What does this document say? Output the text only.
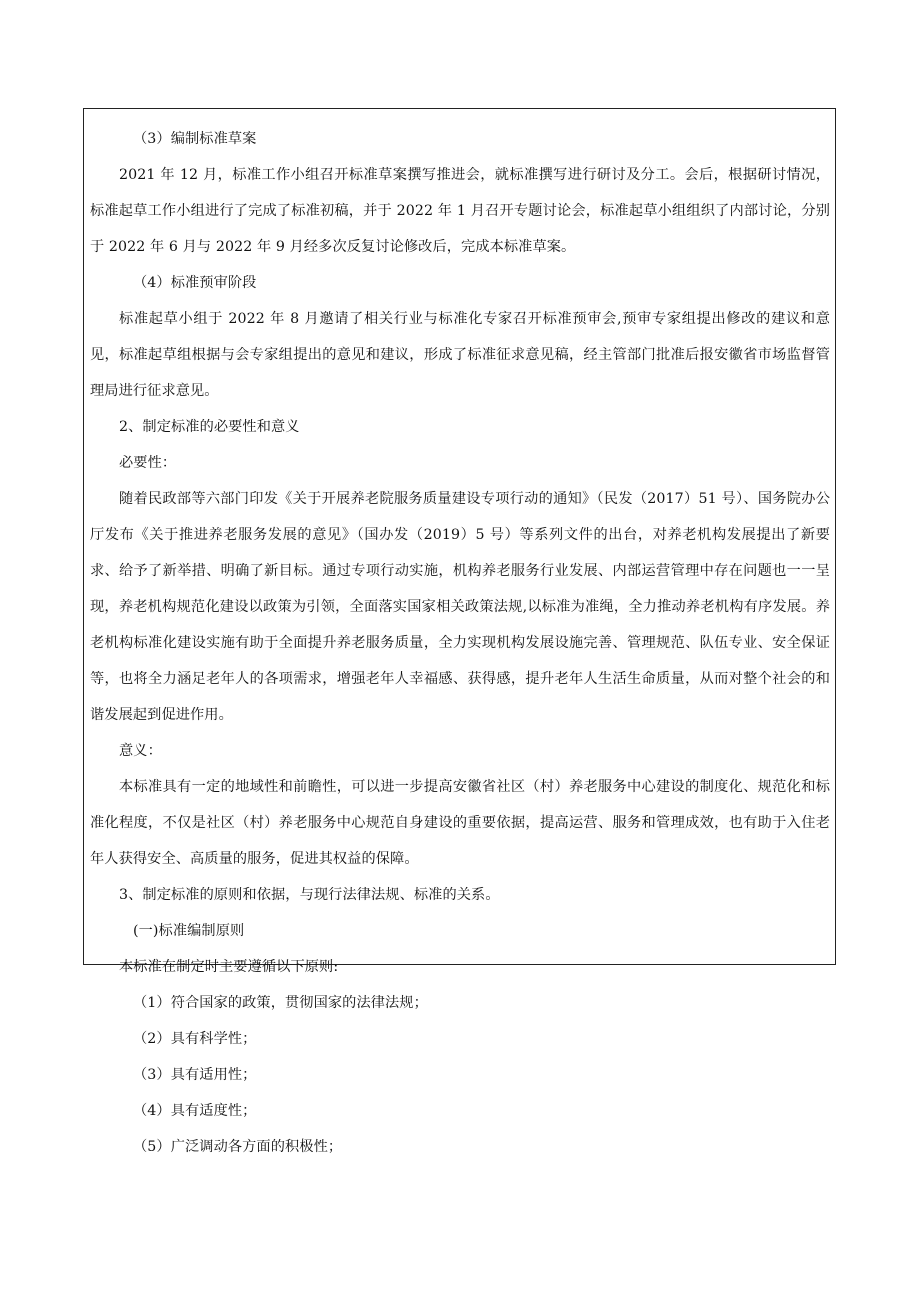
（3）编制标准草案

2021 年 12 月，标准工作小组召开标准草案撰写推进会，就标准撰写进行研讨及分工。会后，根据研讨情况，标准起草工作小组进行了完成了标准初稿，并于 2022 年 1 月召开专题讨论会，标准起草小组组织了内部讨论，分别于 2022 年 6 月与 2022 年 9 月经多次反复讨论修改后，完成本标准草案。

（4）标准预审阶段

标准起草小组于 2022 年 8 月邀请了相关行业与标准化专家召开标准预审会,预审专家组提出修改的建议和意见，标准起草组根据与会专家组提出的意见和建议，形成了标准征求意见稿，经主管部门批准后报安徽省市场监督管理局进行征求意见。

2、制定标准的必要性和意义

必要性：

随着民政部等六部门印发《关于开展养老院服务质量建设专项行动的通知》（民发（2017）51 号）、国务院办公厅发布《关于推进养老服务发展的意见》（国办发（2019）5 号）等系列文件的出台，对养老机构发展提出了新要求、给予了新举措、明确了新目标。通过专项行动实施，机构养老服务行业发展、内部运营管理中存在问题也一一呈现，养老机构规范化建设以政策为引领，全面落实国家相关政策法规,以标准为准绳，全力推动养老机构有序发展。养老机构标准化建设实施有助于全面提升养老服务质量，全力实现机构发展设施完善、管理规范、队伍专业、安全保证等，也将全力涵足老年人的各项需求，增强老年人幸福感、获得感，提升老年人生活生命质量，从而对整个社会的和谐发展起到促进作用。

意义：

本标准具有一定的地域性和前瞻性，可以进一步提高安徽省社区（村）养老服务中心建设的制度化、规范化和标准化程度，不仅是社区（村）养老服务中心规范自身建设的重要依据，提高运营、服务和管理成效，也有助于入住老年人获得安全、高质量的服务，促进其权益的保障。

3、制定标准的原则和依据，与现行法律法规、标准的关系。

(一)标准编制原则

本标准在制定时主要遵循以下原则:

（1）符合国家的政策，贯彻国家的法律法规；

（2）具有科学性；

（3）具有适用性；

（4）具有适度性；

（5）广泛调动各方面的积极性；
